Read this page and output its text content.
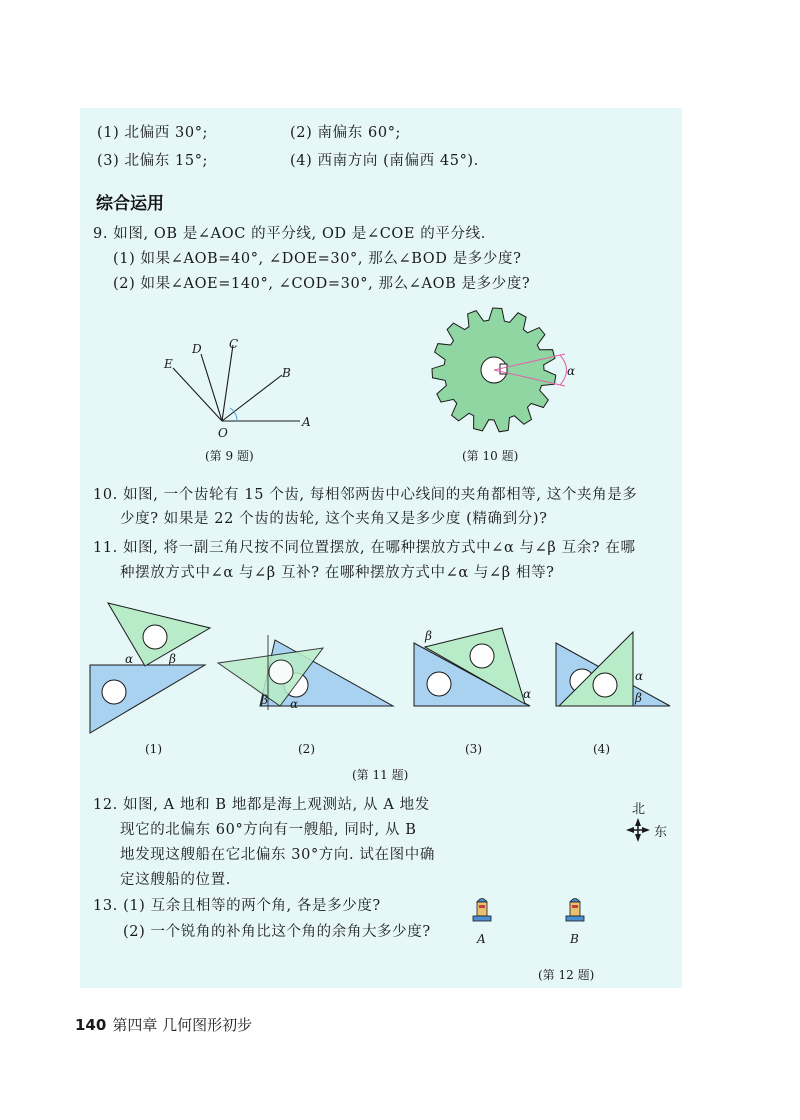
(1) 北偏西 30°;	(2) 南偏东 60°;
(3) 北偏东 15°;	(4) 西南方向 (南偏西 45°).
综合运用
9. 如图, OB 是∠AOC 的平分线, OD 是∠COE 的平分线.
(1) 如果∠AOB=40°, ∠DOE=30°, 那么∠BOD 是多少度?
(2) 如果∠AOE=140°, ∠COD=30°, 那么∠AOB 是多少度?
O
A
B
C
D
E
(第 9 题)
α
(第 10 题)
10. 如图, 一个齿轮有 15 个齿, 每相邻两齿中心线间的夹角都相等, 这个夹角是多
少度? 如果是 22 个齿的齿轮, 这个夹角又是多少度 (精确到分)?
11. 如图, 将一副三角尺按不同位置摆放, 在哪种摆放方式中∠α 与∠β 互余? 在哪
种摆放方式中∠α 与∠β 互补? 在哪种摆放方式中∠α 与∠β 相等?
α	β
β α
β
α
α
β
(1)	(2)	(3)	(4)
(第 11 题)
12. 如图, A 地和 B 地都是海上观测站, 从 A 地发
现它的北偏东 60°方向有一艘船, 同时, 从 B
地发现这艘船在它北偏东 30°方向. 试在图中确
定这艘船的位置.
北
东
13. (1) 互余且相等的两个角, 各是多少度?
(2) 一个锐角的补角比这个角的余角大多少度?	A	B
(第 12 题)
140 第四章 几何图形初步
